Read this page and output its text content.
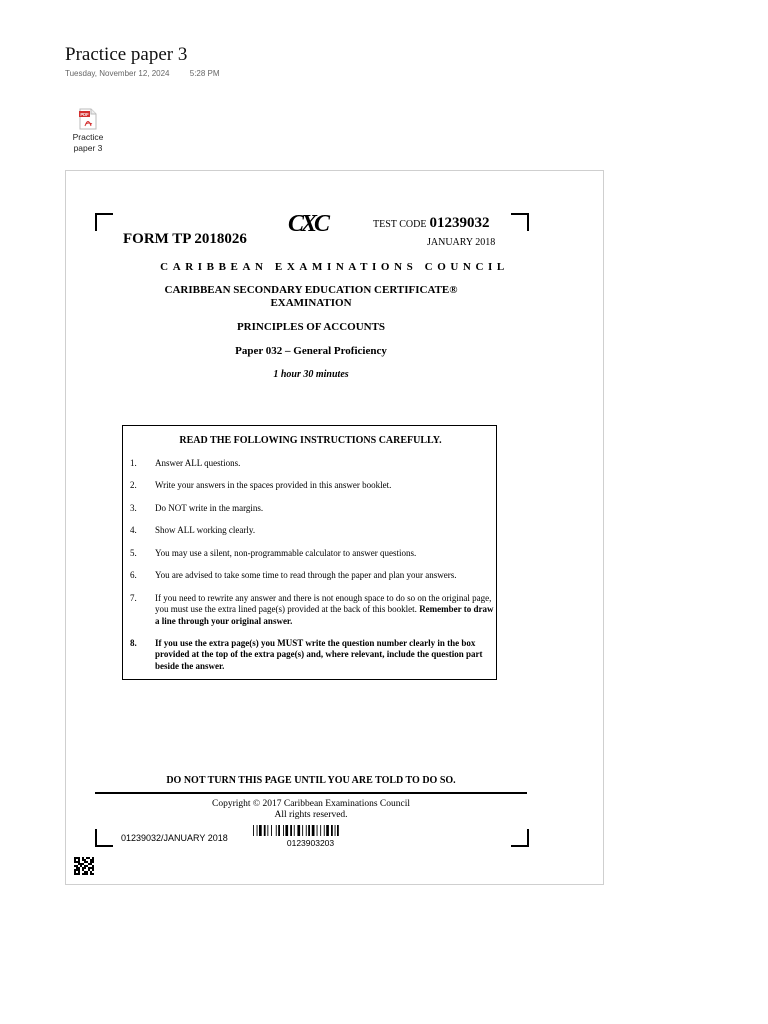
Practice paper 3
Tuesday, November 12, 2024	5:28 PM
PDF
Practice
paper 3
CXC
FORM TP 2018026
TEST CODE 01239032
JANUARY 2018
CARIBBEAN EXAMINATIONS COUNCIL
CARIBBEAN SECONDARY EDUCATION CERTIFICATE®
EXAMINATION
PRINCIPLES OF ACCOUNTS
Paper 032 – General Proficiency
1 hour 30 minutes
READ THE FOLLOWING INSTRUCTIONS CAREFULLY.
1. Answer ALL questions.
2. Write your answers in the spaces provided in this answer booklet.
3. Do NOT write in the margins.
4. Show ALL working clearly.
5. You may use a silent, non-programmable calculator to answer questions.
6. You are advised to take some time to read through the paper and plan your answers.
7. If you need to rewrite any answer and there is not enough space to do so on the original page, you must use the extra lined page(s) provided at the back of this booklet. Remember to draw a line through your original answer.
8. If you use the extra page(s) you MUST write the question number clearly in the box provided at the top of the extra page(s) and, where relevant, include the question part beside the answer.
DO NOT TURN THIS PAGE UNTIL YOU ARE TOLD TO DO SO.
Copyright © 2017 Caribbean Examinations Council
All rights reserved.
01239032/JANUARY 2018	0123903203
